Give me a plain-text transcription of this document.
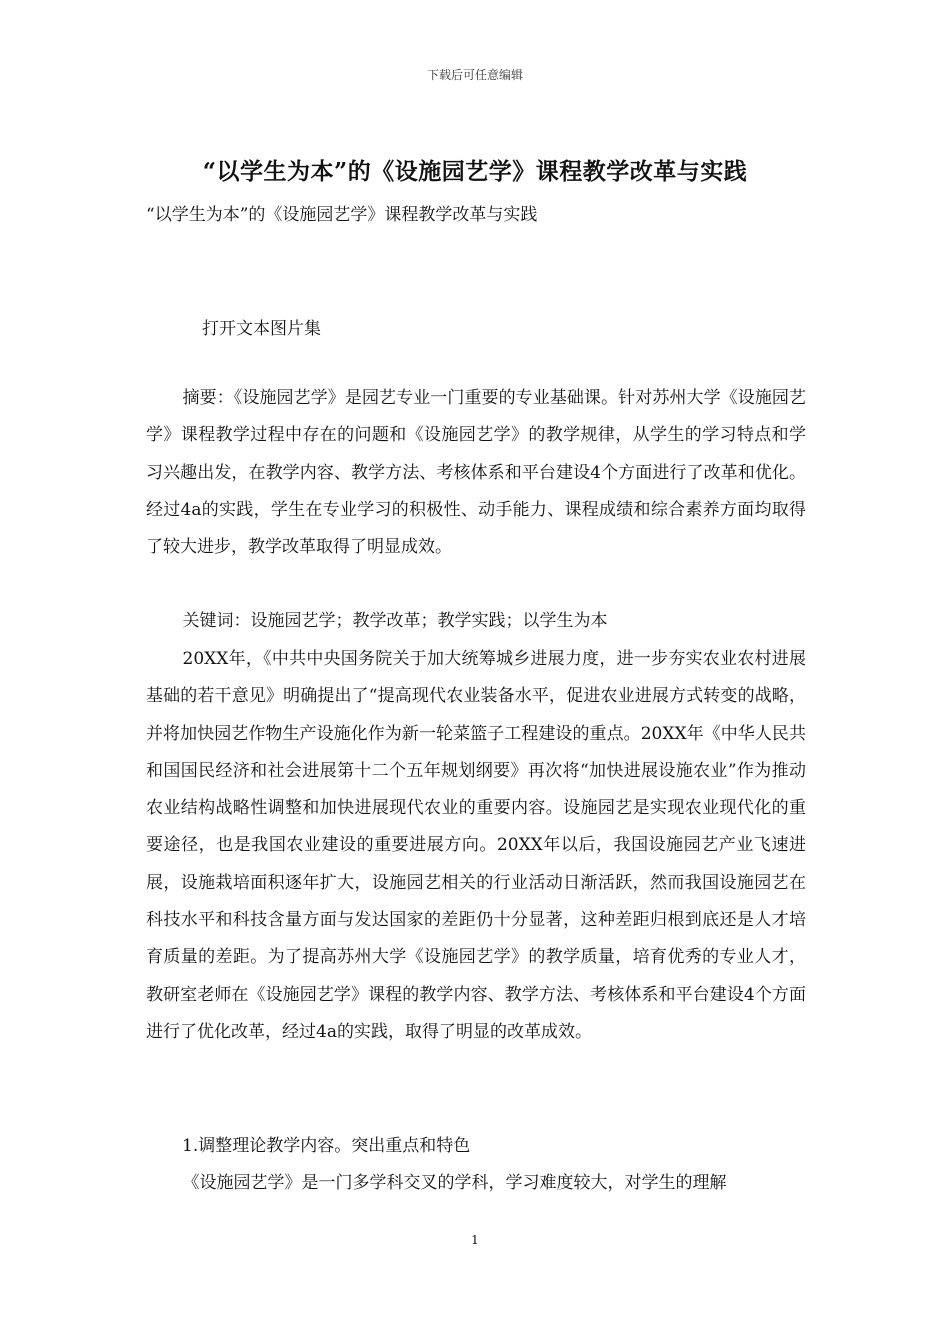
下载后可任意编辑
“以学生为本”的《设施园艺学》课程教学改革与实践
“以学生为本”的《设施园艺学》课程教学改革与实践
打开文本图片集

摘要：《设施园艺学》是园艺专业一门重要的专业基础课。针对苏州大学《设施园艺学》课程教学过程中存在的问题和《设施园艺学》的教学规律，从学生的学习特点和学习兴趣出发，在教学内容、教学方法、考核体系和平台建设4个方面进行了改革和优化。经过4a的实践，学生在专业学习的积极性、动手能力、课程成绩和综合素养方面均取得了较大进步，教学改革取得了明显成效。

关键词：设施园艺学；教学改革；教学实践；以学生为本

20XX年，《中共中央国务院关于加大统筹城乡进展力度，进一步夯实农业农村进展基础的若干意见》明确提出了“提高现代农业装备水平，促进农业进展方式转变的战略，并将加快园艺作物生产设施化作为新一轮菜篮子工程建设的重点。20XX年《中华人民共和国国民经济和社会进展第十二个五年规划纲要》再次将“加快进展设施农业”作为推动农业结构战略性调整和加快进展现代农业的重要内容。设施园艺是实现农业现代化的重要途径，也是我国农业建设的重要进展方向。20XX年以后，我国设施园艺产业飞速进展，设施栽培面积逐年扩大，设施园艺相关的行业活动日渐活跃，然而我国设施园艺在科技水平和科技含量方面与发达国家的差距仍十分显著，这种差距归根到底还是人才培育质量的差距。为了提高苏州大学《设施园艺学》的教学质量，培育优秀的专业人才，教研室老师在《设施园艺学》课程的教学内容、教学方法、考核体系和平台建设4个方面进行了优化改革，经过4a的实践，取得了明显的改革成效。

1.调整理论教学内容。突出重点和特色

《设施园艺学》是一门多学科交叉的学科，学习难度较大，对学生的理解

1
